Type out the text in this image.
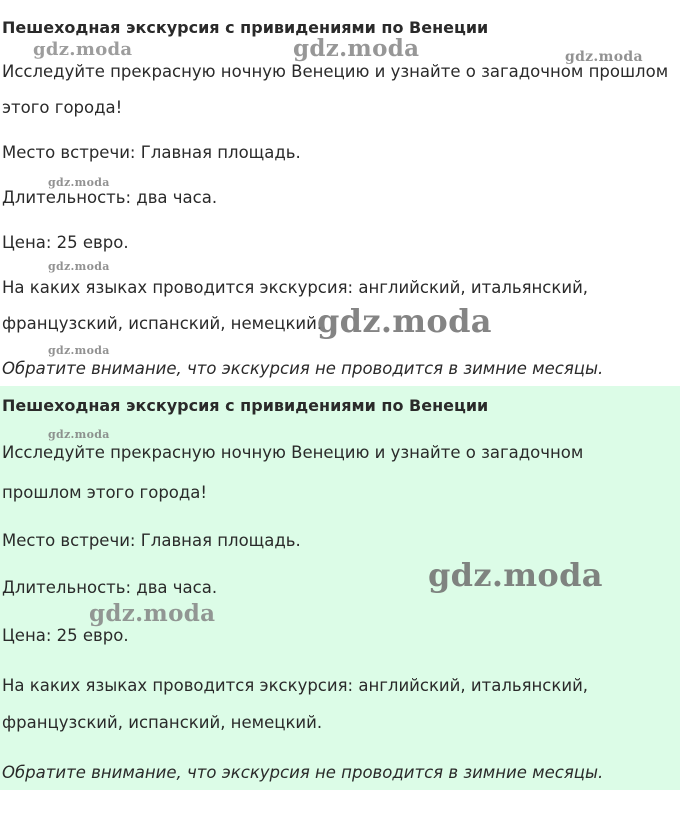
Пешеходная экскурсия с привидениями по Венеции

Исследуйте прекрасную ночную Венецию и узнайте о загадочном прошлом

этого города!

Место встречи: Главная площадь.

Длительность: два часа.

Цена: 25 евро.

На каких языках проводится экскурсия: английский, итальянский,

французский, испанский, немецкий.

Обратите внимание, что экскурсия не проводится в зимние месяцы.

Пешеходная экскурсия с привидениями по Венеции

Исследуйте прекрасную ночную Венецию и узнайте о загадочном

прошлом этого города!

Место встречи: Главная площадь.

Длительность: два часа.

Цена: 25 евро.

На каких языках проводится экскурсия: английский, итальянский,

французский, испанский, немецкий.

Обратите внимание, что экскурсия не проводится в зимние месяцы.

gdz.moda	gdz.moda	gdz.moda
gdz.moda
gdz.moda
gdz.moda
gdz.moda
gdz.moda
gdz.moda
gdz.moda
